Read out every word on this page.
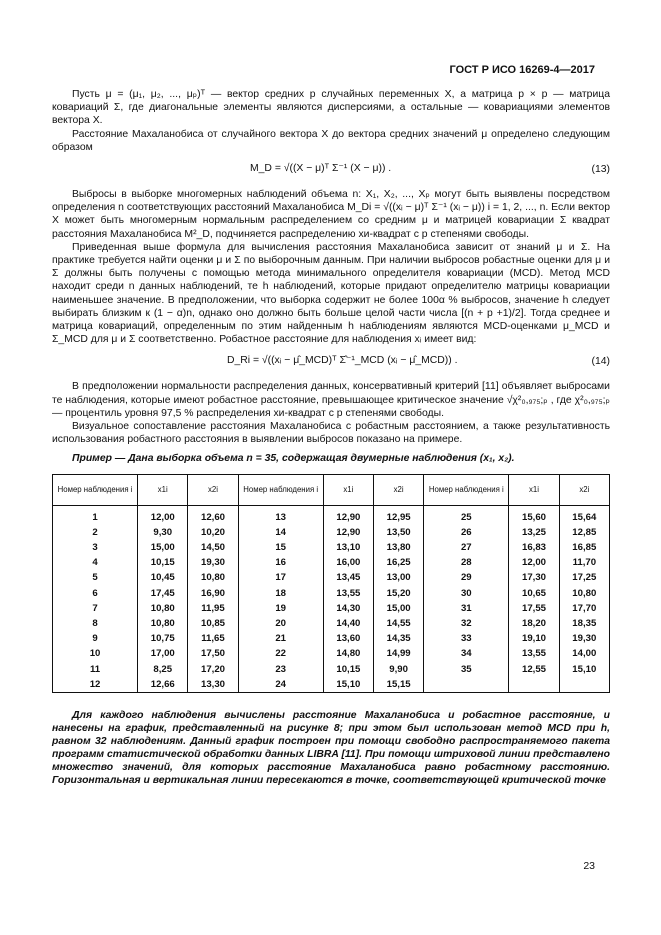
ГОСТ Р ИСО 16269-4—2017

Пусть μ = (μ₁, μ₂, ..., μₚ)ᵀ — вектор средних p случайных переменных X, а матрица p × p — матрица ковариаций Σ, где диагональные элементы являются дисперсиями, а остальные — ковариациями элементов вектора X.

Расстояние Махаланобиса от случайного вектора X до вектора средних значений μ определено следующим образом

M_D = √((X − μ)ᵀ Σ⁻¹ (X − μ)) .	(13)

Выбросы в выборке многомерных наблюдений объема n: X₁, X₂, ..., Xₚ могут быть выявлены посредством определения n соответствующих расстояний Махаланобиса M_Di = √((xᵢ − μ)ᵀ Σ⁻¹ (xᵢ − μ)) i = 1, 2, ..., n. Если вектор X может быть многомерным нормальным распределением со средним μ и матрицей ковариации Σ квадрат расстояния Махаланобиса M²_D, подчиняется распределению хи-квадрат с p степенями свободы.

Приведенная выше формула для вычисления расстояния Махаланобиса зависит от знаний μ и Σ. На практике требуется найти оценки μ и Σ по выборочным данным. При наличии выбросов робастные оценки для μ и Σ должны быть получены с помощью метода минимального определителя ковариации (MCD). Метод MCD находит среди n данных наблюдений, те h наблюдений, которые придают определителю матрицы ковариации наименьшее значение. В предположении, что выборка содержит не более 100α % выбросов, значение h следует выбирать близким к (1 − α)n, однако оно должно быть больше целой части числа [(n + p +1)/2]. Тогда среднее и матрица ковариаций, определенным по этим найденным h наблюдениям являются MCD-оценками μ_MCD и Σ_MCD для μ и Σ соответственно. Робастное расстояние для наблюдения xᵢ имеет вид:

D_Ri = √((xᵢ − μ̂_MCD)ᵀ Σ̂⁻¹_MCD (xᵢ − μ̂_MCD)) .	(14)

В предположении нормальности распределения данных, консервативный критерий [11] объявляет выбросами те наблюдения, которые имеют робастное расстояние, превышающее критическое значение √χ²₀,₉₇₅;ₚ , где χ²₀,₉₇₅;ₚ — процентиль уровня 97,5 % распределения хи-квадрат с p степенями свободы.

Визуальное сопоставление расстояния Махаланобиса с робастным расстоянием, а также результативность использования робастного расстояния в выявлении выбросов показано на примере.

Пример — Дана выборка объема n = 35, содержащая двумерные наблюдения (x₁, x₂).

Номер наблюдения i	x1i	x2i	Номер наблюдения i	x1i	x2i	Номер наблюдения i	x1i	x2i
1	12,00	12,60	13	12,90	12,95	25	15,60	15,64
2	9,30	10,20	14	12,90	13,50	26	13,25	12,85
3	15,00	14,50	15	13,10	13,80	27	16,83	16,85
4	10,15	19,30	16	16,00	16,25	28	12,00	11,70
5	10,45	10,80	17	13,45	13,00	29	17,30	17,25
6	17,45	16,90	18	13,55	15,20	30	10,65	10,80
7	10,80	11,95	19	14,30	15,00	31	17,55	17,70
8	10,80	10,85	20	14,40	14,55	32	18,20	18,35
9	10,75	11,65	21	13,60	14,35	33	19,10	19,30
10	17,00	17,50	22	14,80	14,99	34	13,55	14,00
11	8,25	17,20	23	10,15	9,90	35	12,55	15,10
12	12,66	13,30	24	15,10	15,15			

Для каждого наблюдения вычислены расстояние Махаланобиса и робастное расстояние, и нанесены на график, представленный на рисунке 8; при этом был использован метод MCD при h, равном 32 наблюдениям. Данный график построен при помощи свободно распространяемого пакета программ статистической обработки данных LIBRA [11]. При помощи штриховой линии представлено множество значений, для которых расстояние Махаланобиса равно робастному расстоянию. Горизонтальная и вертикальная линии пересекаются в точке, соответствующей критической точке

23
